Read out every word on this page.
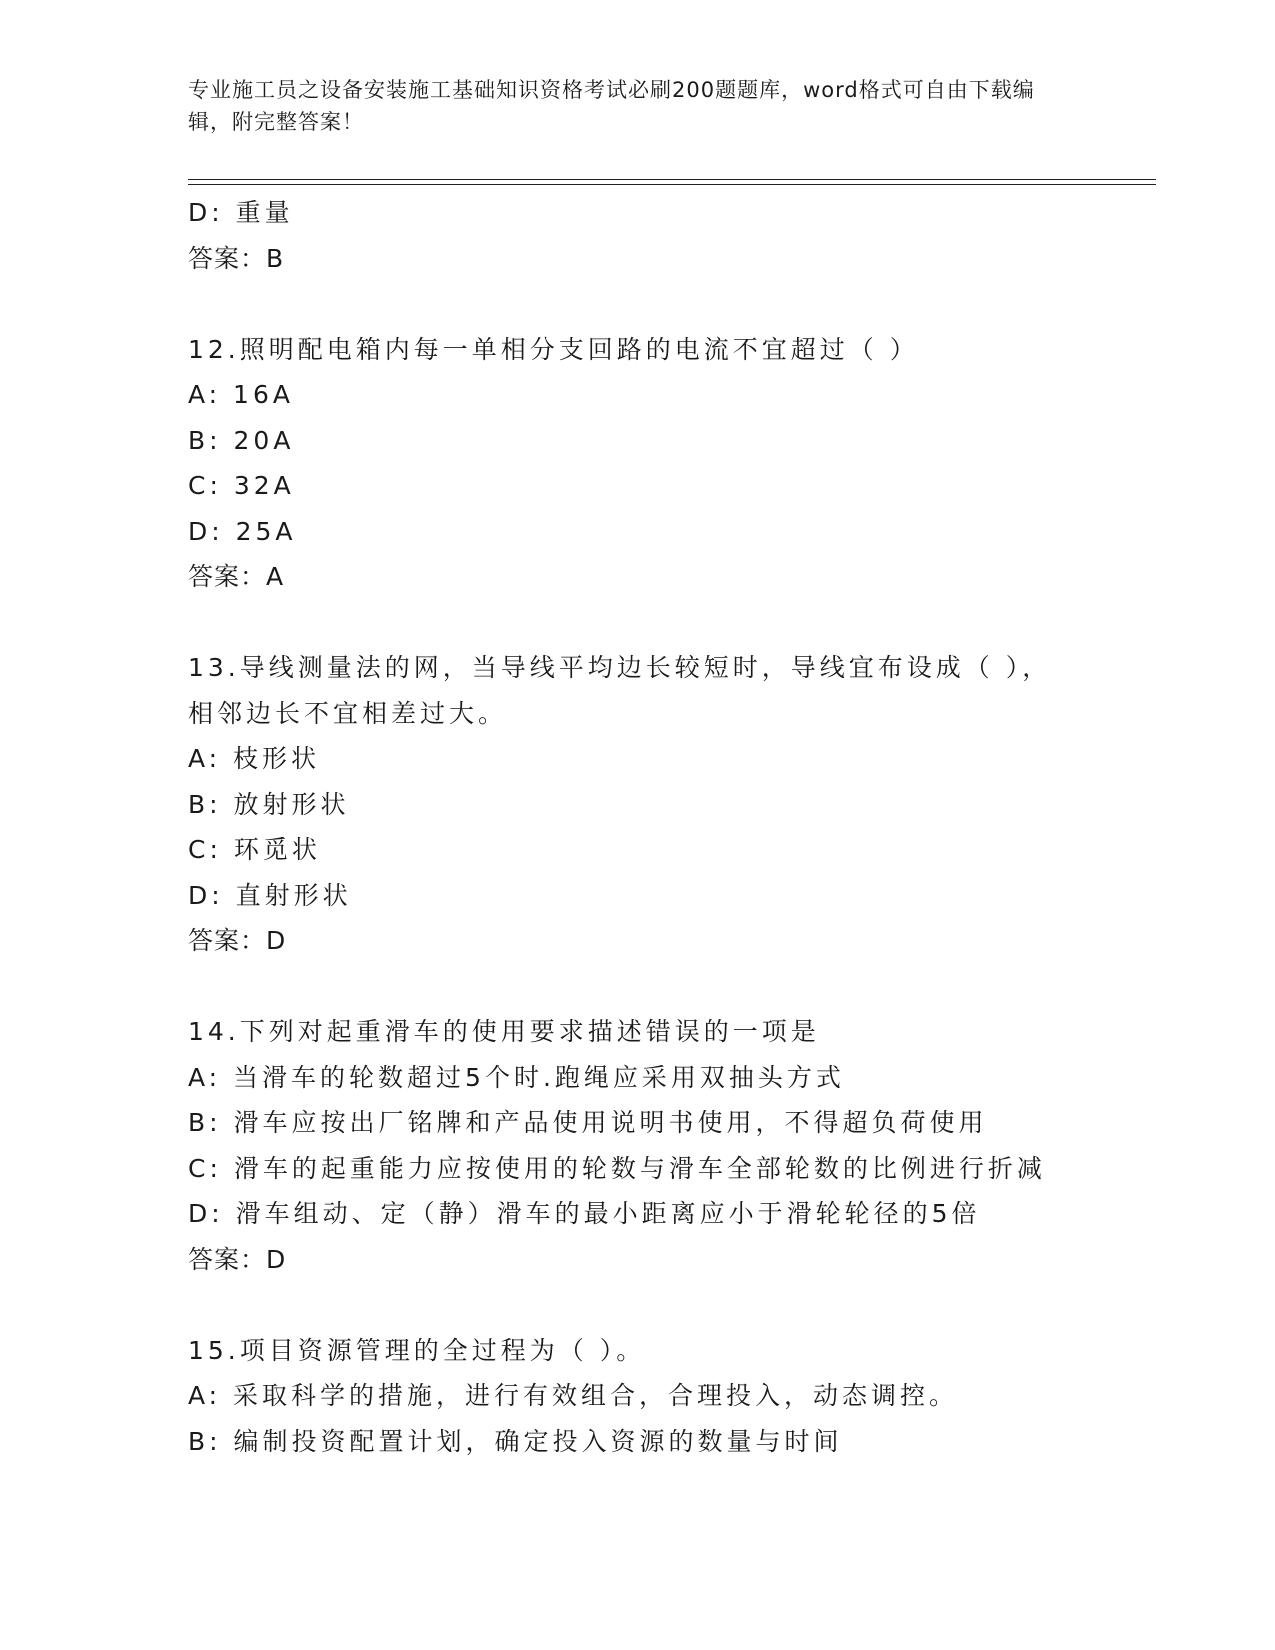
专业施工员之设备安装施工基础知识资格考试必刷200题题库，word格式可自由下载编辑，附完整答案！
D: 重量
答案：B
12.照明配电箱内每一单相分支回路的电流不宜超过（ ）
A: 16A
B: 20A
C: 32A
D: 25A
答案：A
13.导线测量法的网，当导线平均边长较短时，导线宜布设成（ ），相邻边长不宜相差过大。
A: 枝形状
B: 放射形状
C: 环觅状
D: 直射形状
答案：D
14.下列对起重滑车的使用要求描述错误的一项是
A: 当滑车的轮数超过5个时.跑绳应采用双抽头方式
B: 滑车应按出厂铭牌和产品使用说明书使用，不得超负荷使用
C: 滑车的起重能力应按使用的轮数与滑车全部轮数的比例进行折减
D: 滑车组动、定（静）滑车的最小距离应小于滑轮轮径的5倍
答案：D
15.项目资源管理的全过程为（ ）。
A: 采取科学的措施，进行有效组合，合理投入，动态调控。
B: 编制投资配置计划，确定投入资源的数量与时间
